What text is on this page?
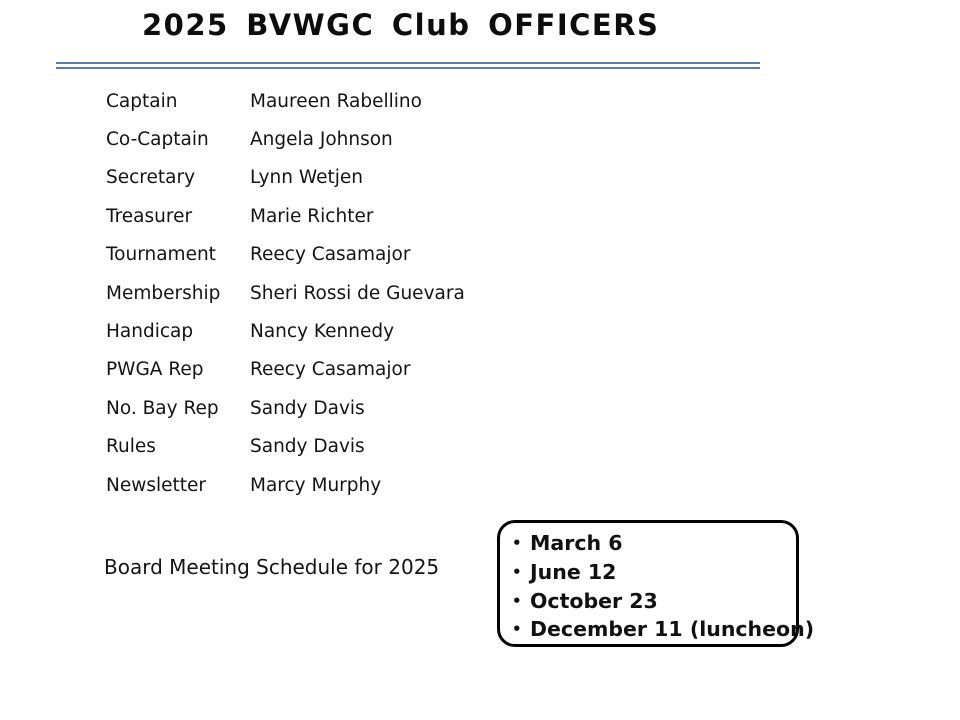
2025 BVWGC Club OFFICERS
Captain	Maureen Rabellino
Co-Captain	Angela Johnson
Secretary	Lynn Wetjen
Treasurer	Marie Richter
Tournament	Reecy Casamajor
Membership	Sheri Rossi de Guevara
Handicap	Nancy Kennedy
PWGA Rep	Reecy Casamajor
No. Bay Rep	Sandy Davis
Rules	Sandy Davis
Newsletter	Marcy Murphy
Board Meeting Schedule for 2025
• March 6
• June 12
• October 23
• December 11 (luncheon)
